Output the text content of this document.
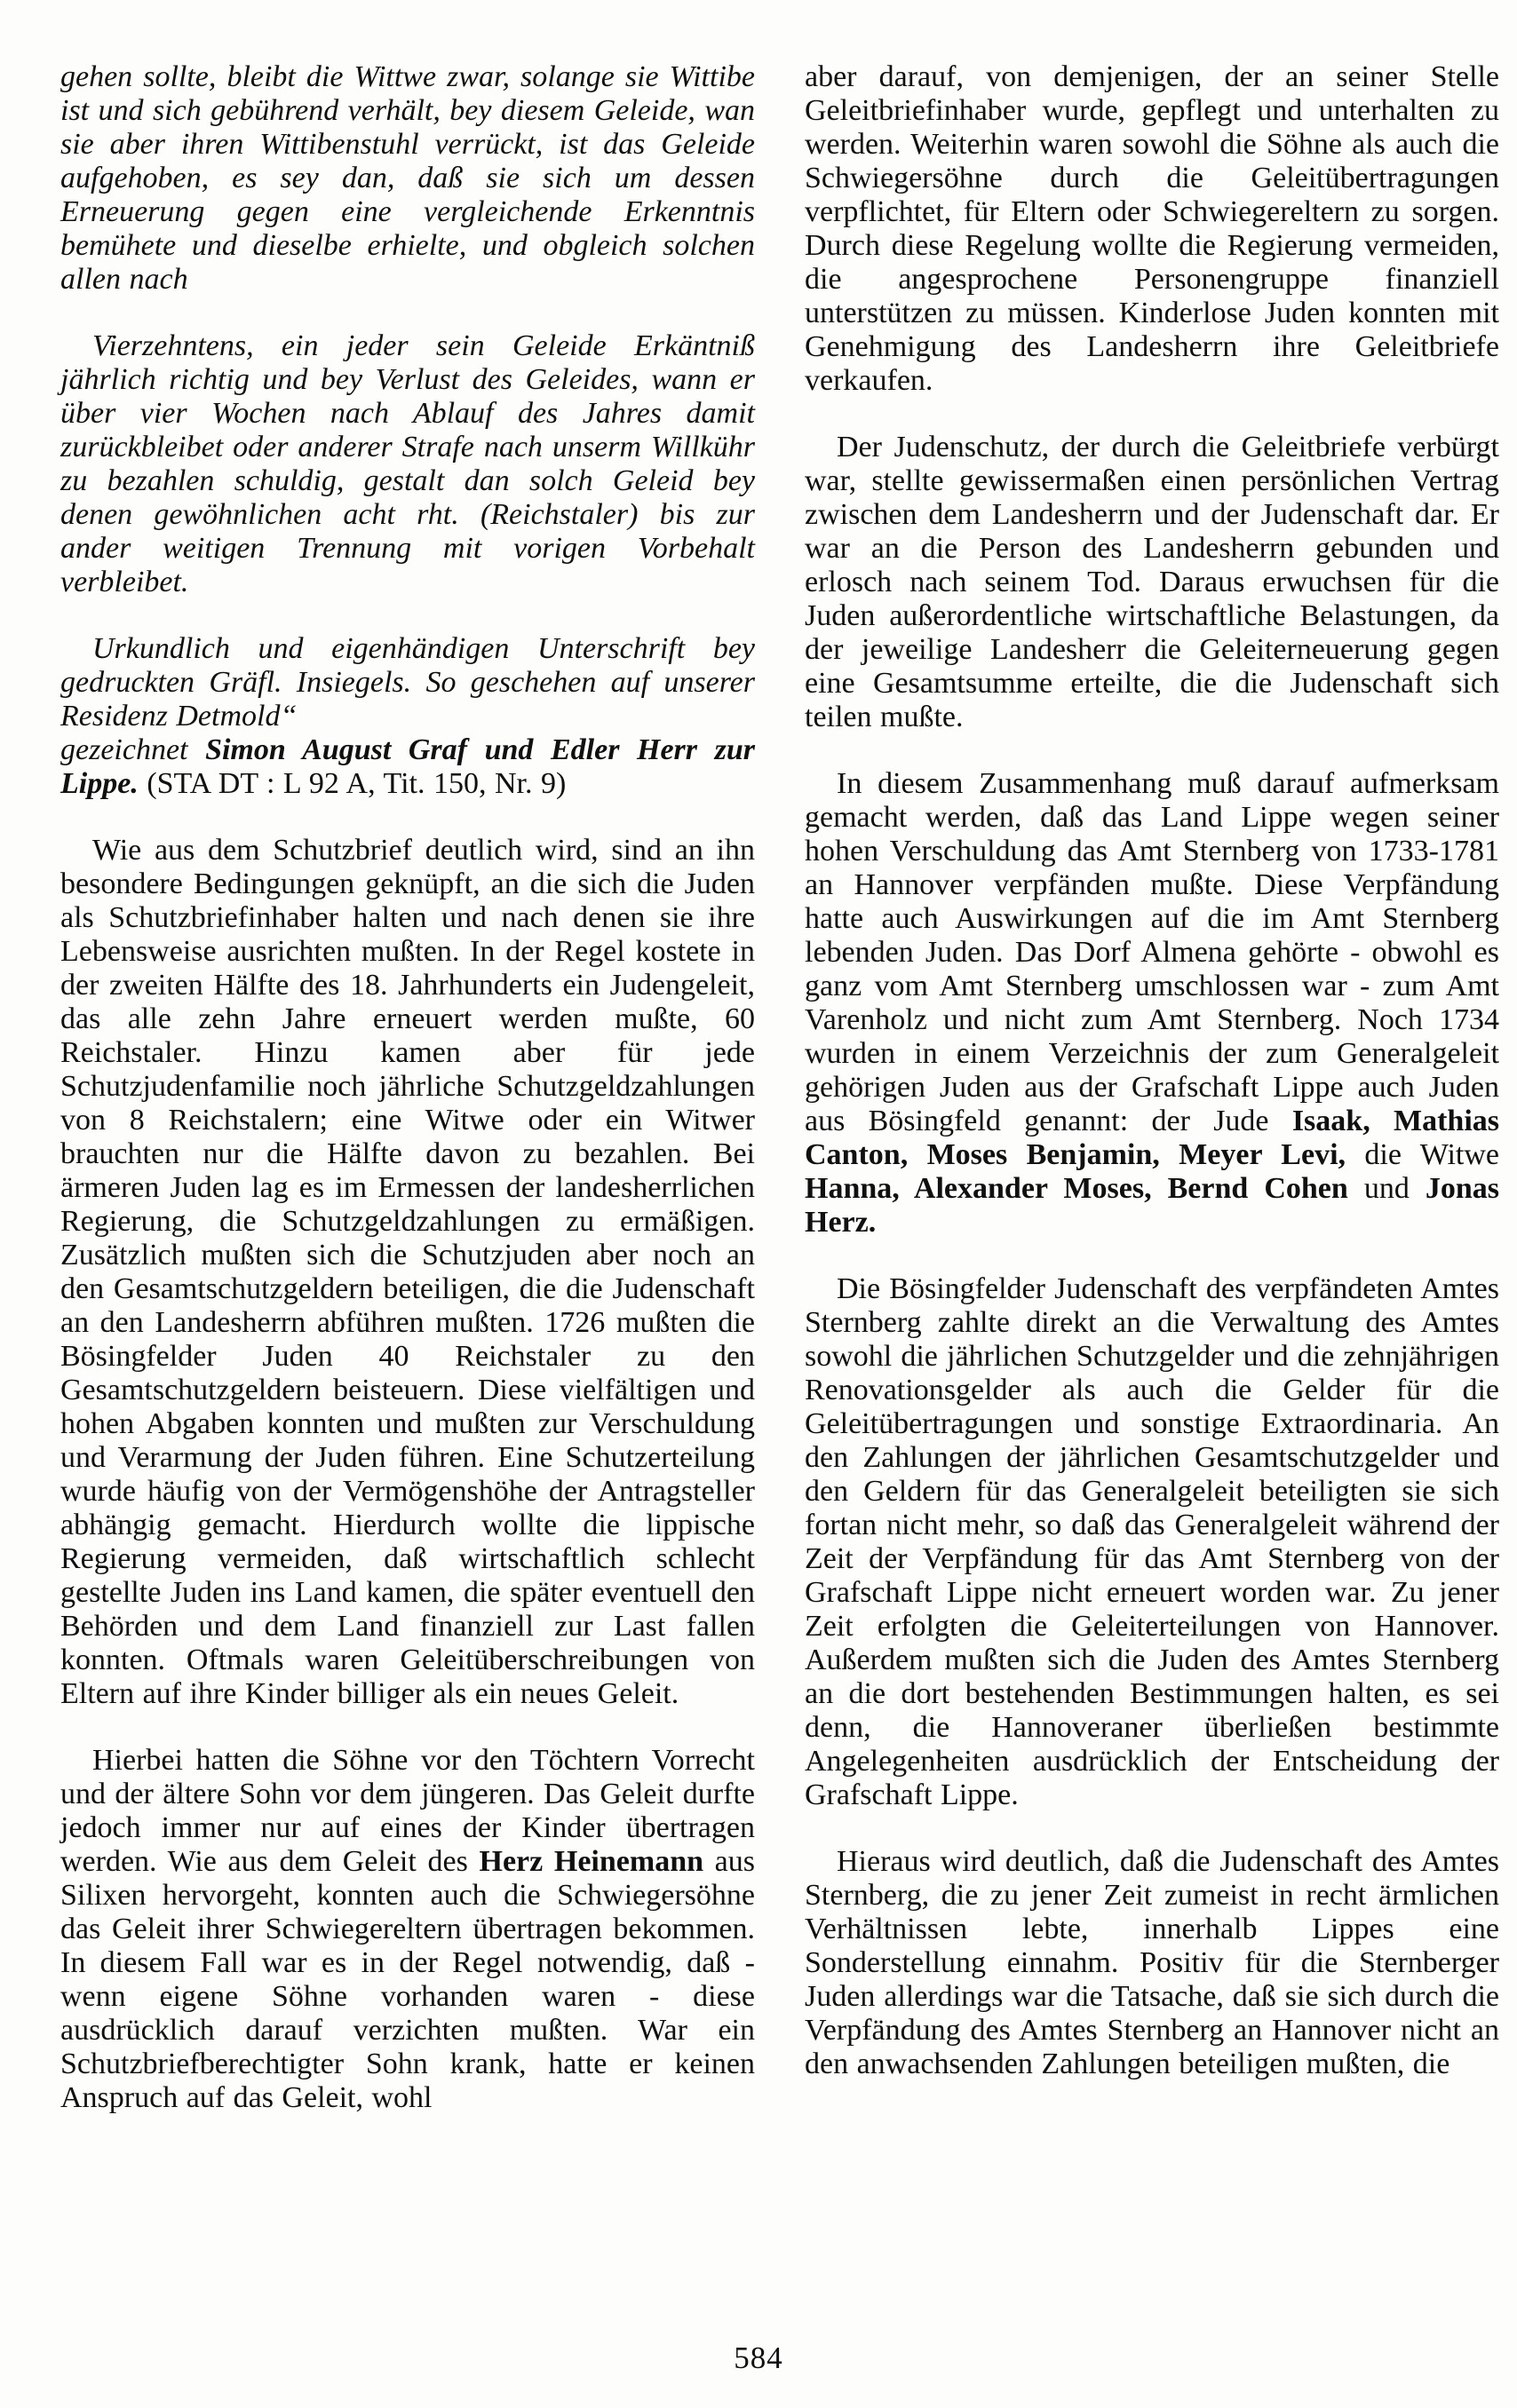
gehen sollte, bleibt die Wittwe zwar, solange sie Wittibe ist und sich gebührend verhält, bey diesem Geleide, wan sie aber ihren Wittibenstuhl verrückt, ist das Geleide aufgehoben, es sey dan, daß sie sich um dessen Erneuerung gegen eine vergleichende Erkenntnis bemühete und dieselbe erhielte, und obgleich solchen allen nach

Vierzehntens, ein jeder sein Geleide Erkäntniß jährlich richtig und bey Verlust des Geleides, wann er über vier Wochen nach Ablauf des Jahres damit zurückbleibet oder anderer Strafe nach unserm Willkühr zu bezahlen schuldig, gestalt dan solch Geleid bey denen gewöhnlichen acht rht. (Reichstaler) bis zur ander weitigen Trennung mit vorigen Vorbehalt verbleibet.

Urkundlich und eigenhändigen Unterschrift bey gedruckten Gräfl. Insiegels. So geschehen auf unserer Residenz Detmold“
gezeichnet Simon August Graf und Edler Herr zur Lippe. (STA DT : L 92 A, Tit. 150, Nr. 9)

Wie aus dem Schutzbrief deutlich wird, sind an ihn besondere Bedingungen geknüpft, an die sich die Juden als Schutzbriefinhaber halten und nach denen sie ihre Lebensweise ausrichten mußten. In der Regel kostete in der zweiten Hälfte des 18. Jahrhunderts ein Judengeleit, das alle zehn Jahre erneuert werden mußte, 60 Reichstaler. Hinzu kamen aber für jede Schutzjudenfamilie noch jährliche Schutzgeldzahlungen von 8 Reichstalern; eine Witwe oder ein Witwer brauchten nur die Hälfte davon zu bezahlen. Bei ärmeren Juden lag es im Ermessen der landesherrlichen Regierung, die Schutzgeldzahlungen zu ermäßigen. Zusätzlich mußten sich die Schutzjuden aber noch an den Gesamtschutzgeldern beteiligen, die die Judenschaft an den Landesherrn abführen mußten. 1726 mußten die Bösingfelder Juden 40 Reichstaler zu den Gesamtschutzgeldern beisteuern. Diese vielfältigen und hohen Abgaben konnten und mußten zur Verschuldung und Verarmung der Juden führen. Eine Schutzerteilung wurde häufig von der Vermögenshöhe der Antragsteller abhängig gemacht. Hierdurch wollte die lippische Regierung vermeiden, daß wirtschaftlich schlecht gestellte Juden ins Land kamen, die später eventuell den Behörden und dem Land finanziell zur Last fallen konnten. Oftmals waren Geleitüberschreibungen von Eltern auf ihre Kinder billiger als ein neues Geleit.

Hierbei hatten die Söhne vor den Töchtern Vorrecht und der ältere Sohn vor dem jüngeren. Das Geleit durfte jedoch immer nur auf eines der Kinder übertragen werden. Wie aus dem Geleit des Herz Heinemann aus Silixen hervorgeht, konnten auch die Schwiegersöhne das Geleit ihrer Schwiegereltern übertragen bekommen. In diesem Fall war es in der Regel notwendig, daß - wenn eigene Söhne vorhanden waren - diese ausdrücklich darauf verzichten mußten. War ein Schutzbriefberechtigter Sohn krank, hatte er keinen Anspruch auf das Geleit, wohl

aber darauf, von demjenigen, der an seiner Stelle Geleitbriefinhaber wurde, gepflegt und unterhalten zu werden. Weiterhin waren sowohl die Söhne als auch die Schwiegersöhne durch die Geleitübertragungen verpflichtet, für Eltern oder Schwiegereltern zu sorgen. Durch diese Regelung wollte die Regierung vermeiden, die angesprochene Personengruppe finanziell unterstützen zu müssen. Kinderlose Juden konnten mit Genehmigung des Landesherrn ihre Geleitbriefe verkaufen.

Der Judenschutz, der durch die Geleitbriefe verbürgt war, stellte gewissermaßen einen persönlichen Vertrag zwischen dem Landesherrn und der Judenschaft dar. Er war an die Person des Landesherrn gebunden und erlosch nach seinem Tod. Daraus erwuchsen für die Juden außerordentliche wirtschaftliche Belastungen, da der jeweilige Landesherr die Geleiterneuerung gegen eine Gesamtsumme erteilte, die die Judenschaft sich teilen mußte.

In diesem Zusammenhang muß darauf aufmerksam gemacht werden, daß das Land Lippe wegen seiner hohen Verschuldung das Amt Sternberg von 1733-1781 an Hannover verpfänden mußte. Diese Verpfändung hatte auch Auswirkungen auf die im Amt Sternberg lebenden Juden. Das Dorf Almena gehörte - obwohl es ganz vom Amt Sternberg umschlossen war - zum Amt Varenholz und nicht zum Amt Sternberg. Noch 1734 wurden in einem Verzeichnis der zum Generalgeleit gehörigen Juden aus der Grafschaft Lippe auch Juden aus Bösingfeld genannt: der Jude Isaak, Mathias Canton, Moses Benjamin, Meyer Levi, die Witwe Hanna, Alexander Moses, Bernd Cohen und Jonas Herz.

Die Bösingfelder Judenschaft des verpfändeten Amtes Sternberg zahlte direkt an die Verwaltung des Amtes sowohl die jährlichen Schutzgelder und die zehnjährigen Renovationsgelder als auch die Gelder für die Geleitübertragungen und sonstige Extraordinaria. An den Zahlungen der jährlichen Gesamtschutzgelder und den Geldern für das Generalgeleit beteiligten sie sich fortan nicht mehr, so daß das Generalgeleit während der Zeit der Verpfändung für das Amt Sternberg von der Grafschaft Lippe nicht erneuert worden war. Zu jener Zeit erfolgten die Geleiterteilungen von Hannover. Außerdem mußten sich die Juden des Amtes Sternberg an die dort bestehenden Bestimmungen halten, es sei denn, die Hannoveraner überließen bestimmte Angelegenheiten ausdrücklich der Entscheidung der Grafschaft Lippe.

Hieraus wird deutlich, daß die Judenschaft des Amtes Sternberg, die zu jener Zeit zumeist in recht ärmlichen Verhältnissen lebte, innerhalb Lippes eine Sonderstellung einnahm. Positiv für die Sternberger Juden allerdings war die Tatsache, daß sie sich durch die Verpfändung des Amtes Sternberg an Hannover nicht an den anwachsenden Zahlungen beteiligen mußten, die

584
